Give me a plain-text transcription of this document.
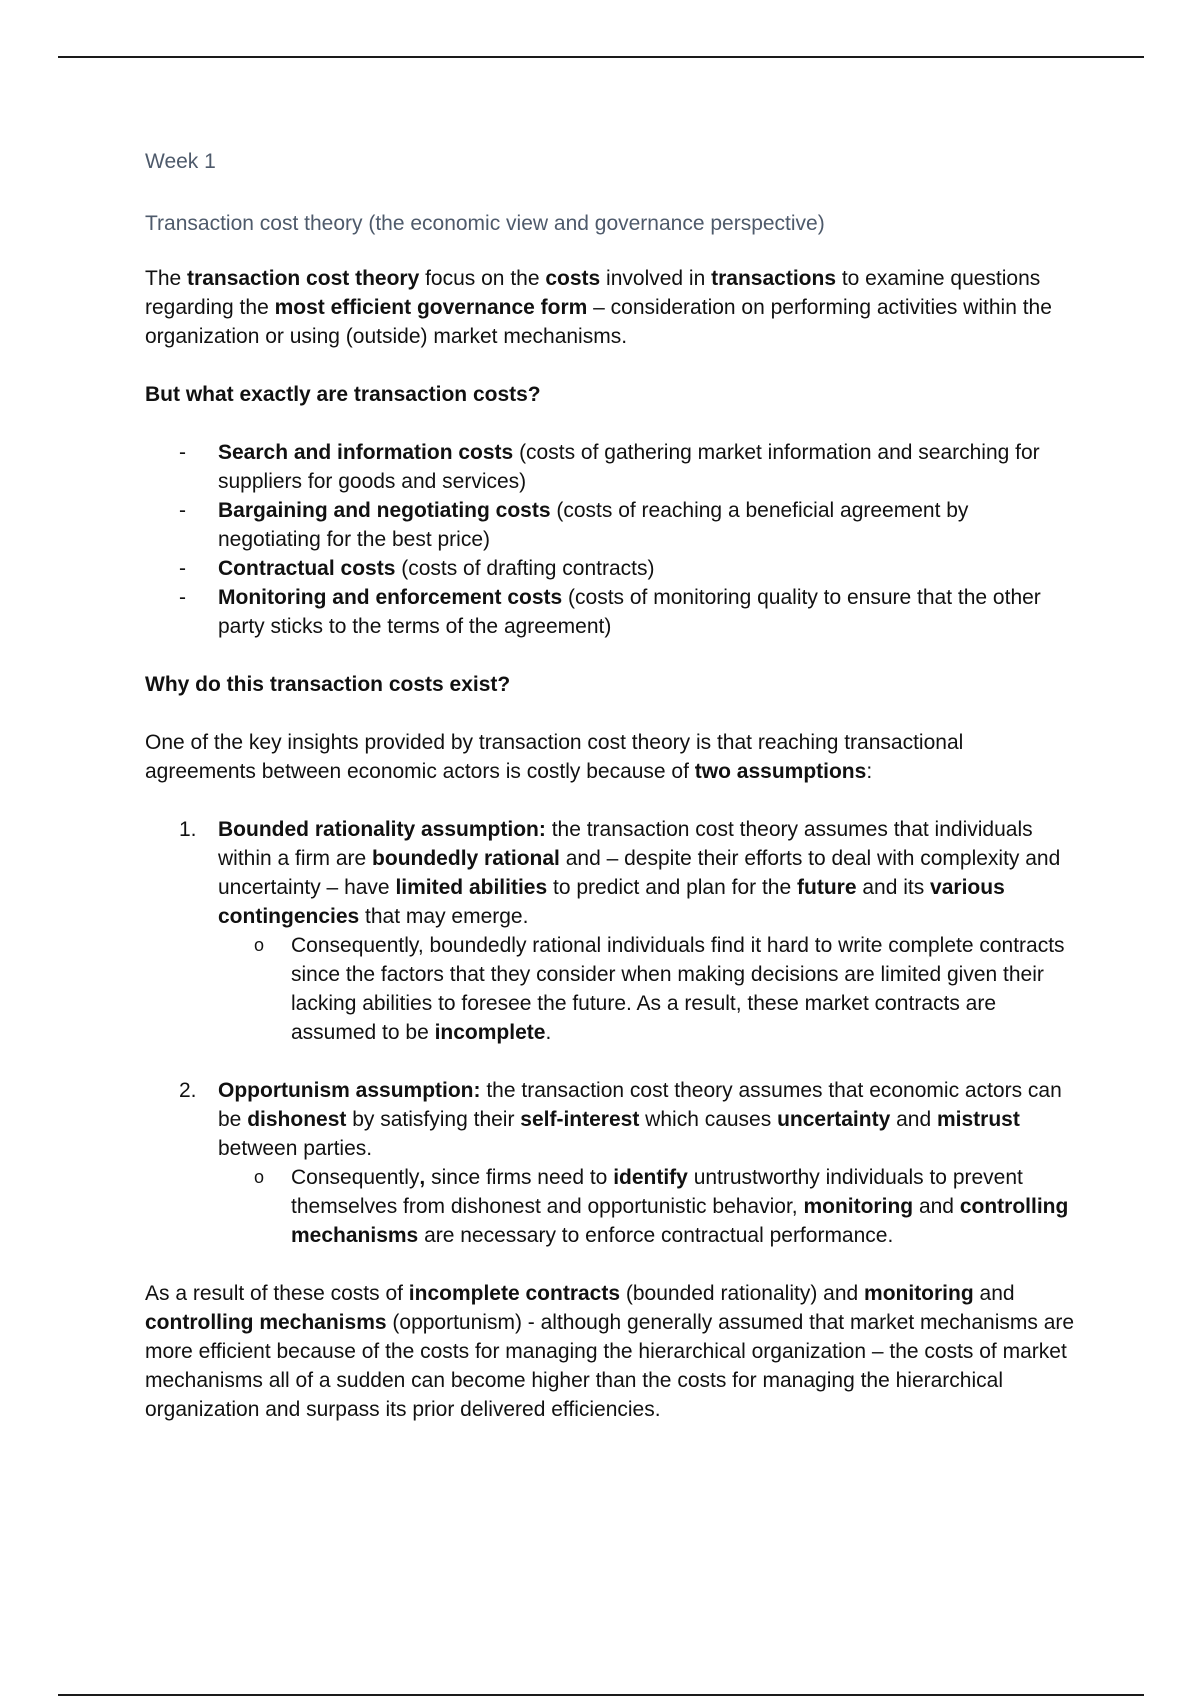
Week 1

Transaction cost theory (the economic view and governance perspective)

The transaction cost theory focus on the costs involved in transactions to examine questions regarding the most efficient governance form – consideration on performing activities within the organization or using (outside) market mechanisms.

But what exactly are transaction costs?

- Search and information costs (costs of gathering market information and searching for suppliers for goods and services)
- Bargaining and negotiating costs (costs of reaching a beneficial agreement by negotiating for the best price)
- Contractual costs (costs of drafting contracts)
- Monitoring and enforcement costs (costs of monitoring quality to ensure that the other party sticks to the terms of the agreement)

Why do this transaction costs exist?

One of the key insights provided by transaction cost theory is that reaching transactional agreements between economic actors is costly because of two assumptions:

1. Bounded rationality assumption: the transaction cost theory assumes that individuals within a firm are boundedly rational and – despite their efforts to deal with complexity and uncertainty – have limited abilities to predict and plan for the future and its various contingencies that may emerge.
o Consequently, boundedly rational individuals find it hard to write complete contracts since the factors that they consider when making decisions are limited given their lacking abilities to foresee the future. As a result, these market contracts are assumed to be incomplete.
2. Opportunism assumption: the transaction cost theory assumes that economic actors can be dishonest by satisfying their self-interest which causes uncertainty and mistrust between parties.
o Consequently, since firms need to identify untrustworthy individuals to prevent themselves from dishonest and opportunistic behavior, monitoring and controlling mechanisms are necessary to enforce contractual performance.

As a result of these costs of incomplete contracts (bounded rationality) and monitoring and controlling mechanisms (opportunism) - although generally assumed that market mechanisms are more efficient because of the costs for managing the hierarchical organization – the costs of market mechanisms all of a sudden can become higher than the costs for managing the hierarchical organization and surpass its prior delivered efficiencies.
